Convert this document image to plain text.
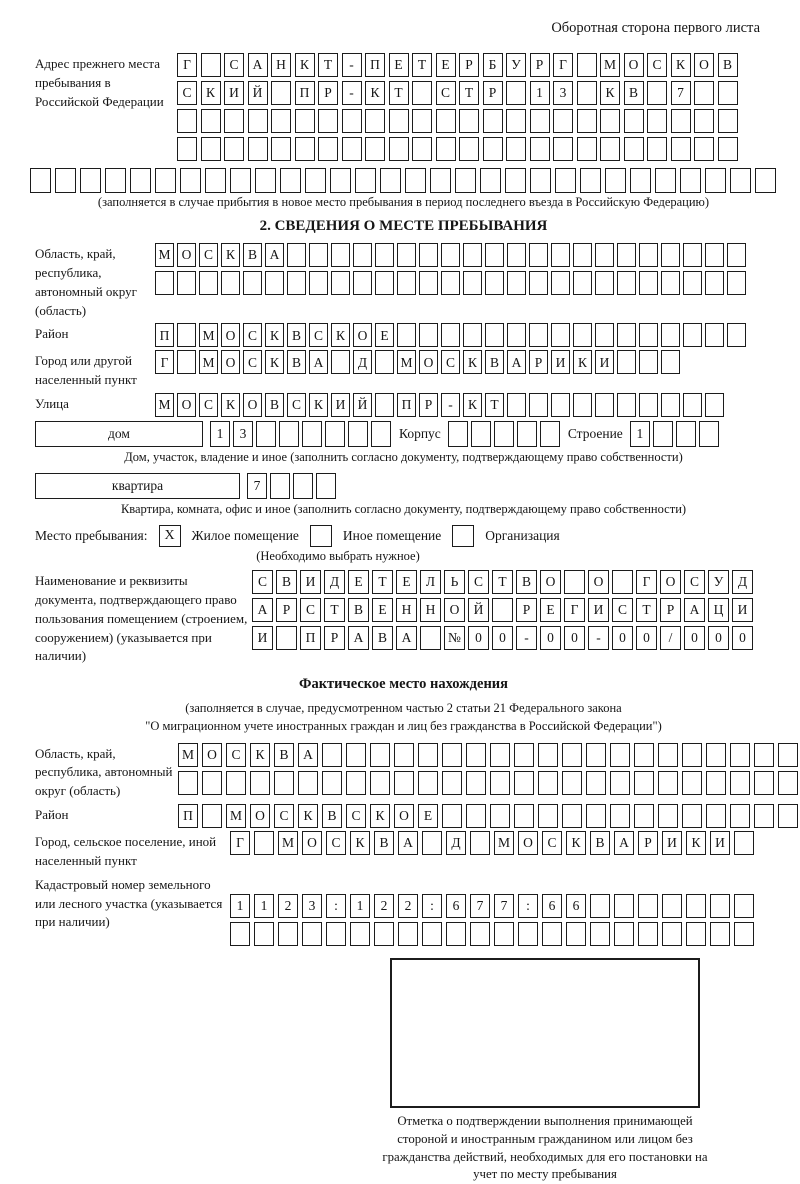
Оборотная сторона первого листа
Адрес прежнего места пребывания в Российской Федерации
Г	С	А	Н	К	Т	-	П	Е	Т	Е	Р	Б	У	Р	Г	М О	С	К	О	В
С	К	И	Й	П	Р	-	К	Т	С	Т	Р	1	3	К	В	7
(заполняется в случае прибытия в новое место пребывания в период последнего въезда в Российскую Федерацию)
2. СВЕДЕНИЯ О МЕСТЕ ПРЕБЫВАНИЯ
Область, край, республика, автономный округ (область)
М О С К В А
Район	П	М О С К В С К О Е
Город или другой населенный пункт
Г	М О С К В А	Д	М О С К В А Р И К И
Улица	М О С К О В С К И Й	П Р	-	К Т
дом	1	3	Корпус	Строение	1
Дом, участок, владение и иное (заполнить согласно документу, подтверждающему право собственности)
квартира	7
Квартира, комната, офис и иное (заполнить согласно документу, подтверждающему право собственности)
Место пребывания:	X	Жилое помещение	Иное помещение	Организация
(Необходимо выбрать нужное)
Наименование и реквизиты документа, подтверждающего право пользования помещением (строением, сооружением) (указывается при наличии)
С	В	И	Д	Е	Т	Е	Л	Ь	С	Т	В	О	О	Г	О	С	У	Д
А	Р	С	Т	В	Е	Н	Н	О	Й	Р	Е	Г	И	С	Т	Р	А	Ц	И
И	П	Р	А	В	А	№	0	0	-	0	0	-	0	0	/	0	0	0
Фактическое место нахождения
(заполняется в случае, предусмотренном частью 2 статьи 21 Федерального закона
"О миграционном учете иностранных граждан и лиц без гражданства в Российской Федерации")
Область, край, республика, автономный округ (область)
М О	С	К	В	А
Район	П	М О	С	К	В	С	К	О	Е
Город, сельское поселение, иной населенный пункт
Г	М О	С	К	В	А	Д	М О	С	К	В	А	Р	И	К	И
Кадастровый номер земельного или лесного участка (указывается при наличии)
1	1	2	3	:	1	2	2	:	6	7	7	:	6	6
Отметка о подтверждении выполнения принимающей стороной и иностранным гражданином или лицом без гражданства действий, необходимых для его постановки на учет по месту пребывания
